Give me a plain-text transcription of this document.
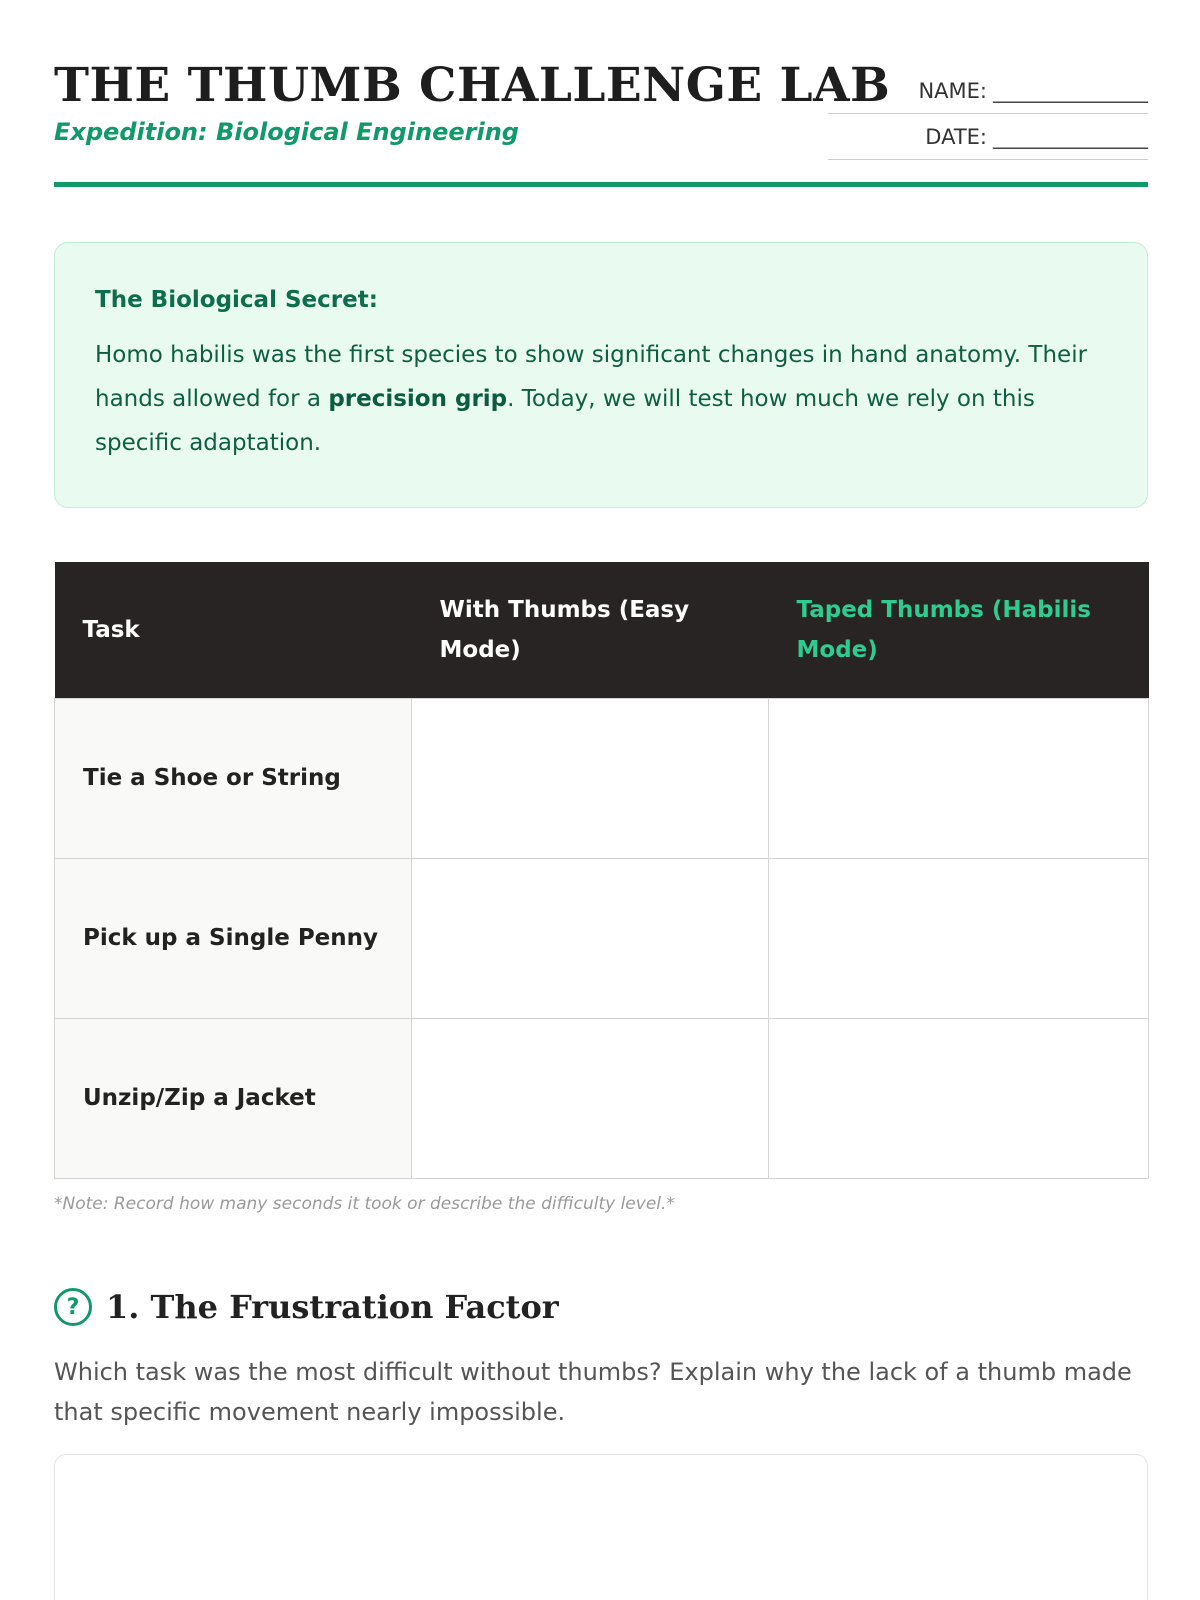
THE THUMB CHALLENGE LAB
Expedition: Biological Engineering
NAME: __________________
DATE: __________________
The Biological Secret:
Homo habilis was the first species to show significant changes in hand anatomy. Their hands allowed for a precision grip. Today, we will test how much we rely on this specific adaptation.
Task	With Thumbs (Easy Mode)	Taped Thumbs (Habilis Mode)
Tie a Shoe or String		
Pick up a Single Penny		
Unzip/Zip a Jacket		
*Note: Record how many seconds it took or describe the difficulty level.*
? 1. The Frustration Factor
Which task was the most difficult without thumbs? Explain why the lack of a thumb made that specific movement nearly impossible.
